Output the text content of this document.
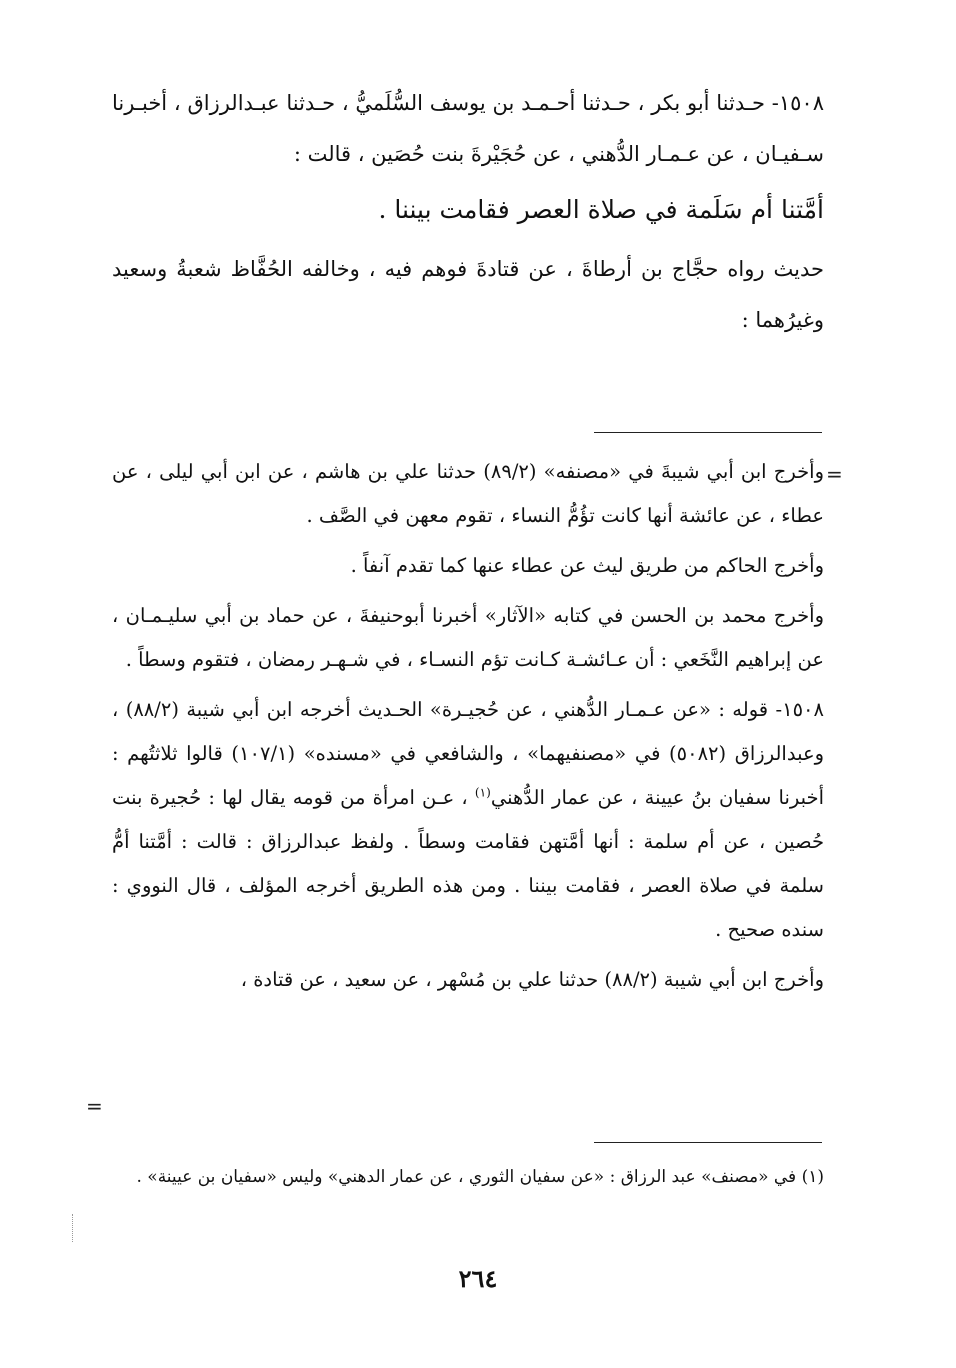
١٥٠٨- حـدثنا أبو بكر ، حـدثنا أحـمـد بن يوسف السُّلَميُّ ، حـدثنا عبـدالرزاق ، أخبـرنا سـفيـان ، عن عـمـار الدُّهني ، عن حُجَيْرةَ بنت حُصَين ، قالت :

أمَّتنا أم سَلَمة في صلاة العصر فقامت بيننا .

حديث رواه حجَّاج بن أرطاةَ ، عن قتادةَ فوهم فيه ، وخالفه الحُفَّاظ شعبةُ وسعيد وغيرُهما :

=

وأخرج ابن أبي شيبةَ في «مصنفه» (٨٩/٢) حدثنا علي بن هاشم ، عن ابن أبي ليلى ، عن عطاء ، عن عائشة أنها كانت تؤُمُّ النساء ، تقوم معهن في الصَّف .

وأخرج الحاكم من طريق ليث عن عطاء عنها كما تقدم آنفاً .

وأخرج محمد بن الحسن في كتابه «الآثار» أخبرنا أبوحنيفةَ ، عن حماد بن أبي سليـمـان ، عن إبراهيم النَّخَعي : أن عـائشـة كـانت تؤم النسـاء ، في شـهـر رمضان ، فتقوم وسطاً .

١٥٠٨- قوله : «عن عـمـار الدُّهني ، عن حُجيـرة» الحـديث أخرجه ابن أبي شيبة (٨٨/٢) ، وعبدالرزاق (٥٠٨٢) في «مصنفيهما» ، والشافعي في «مسنده» (١٠٧/١) قالوا ثلاثتُهم : أخبرنا سفيان بنُ عيينة ، عن عمار الدُّهني$^{(١)}$ ، عـن امرأة من قومه يقال لها : حُجيرة بنت حُصين ، عن أم سلمة : أنها أمَّتهن فقامت وسطاً . ولفظ عبدالرزاق : قالت : أمَّتنا أمُّ سلمة في صلاة العصر ، فقامت بيننا . ومن هذه الطريق أخرجه المؤلف ، قال النووي : سنده صحيح .

وأخرج ابن أبي شيبة (٨٨/٢) حدثنا علي بن مُسْهر ، عن سعيد ، عن قتادة ،

=

(١) في «مصنف» عبد الرزاق : «عن سفيان الثوري ، عن عمار الدهني» وليس «سفيان بن عيينة» .

٢٦٤
